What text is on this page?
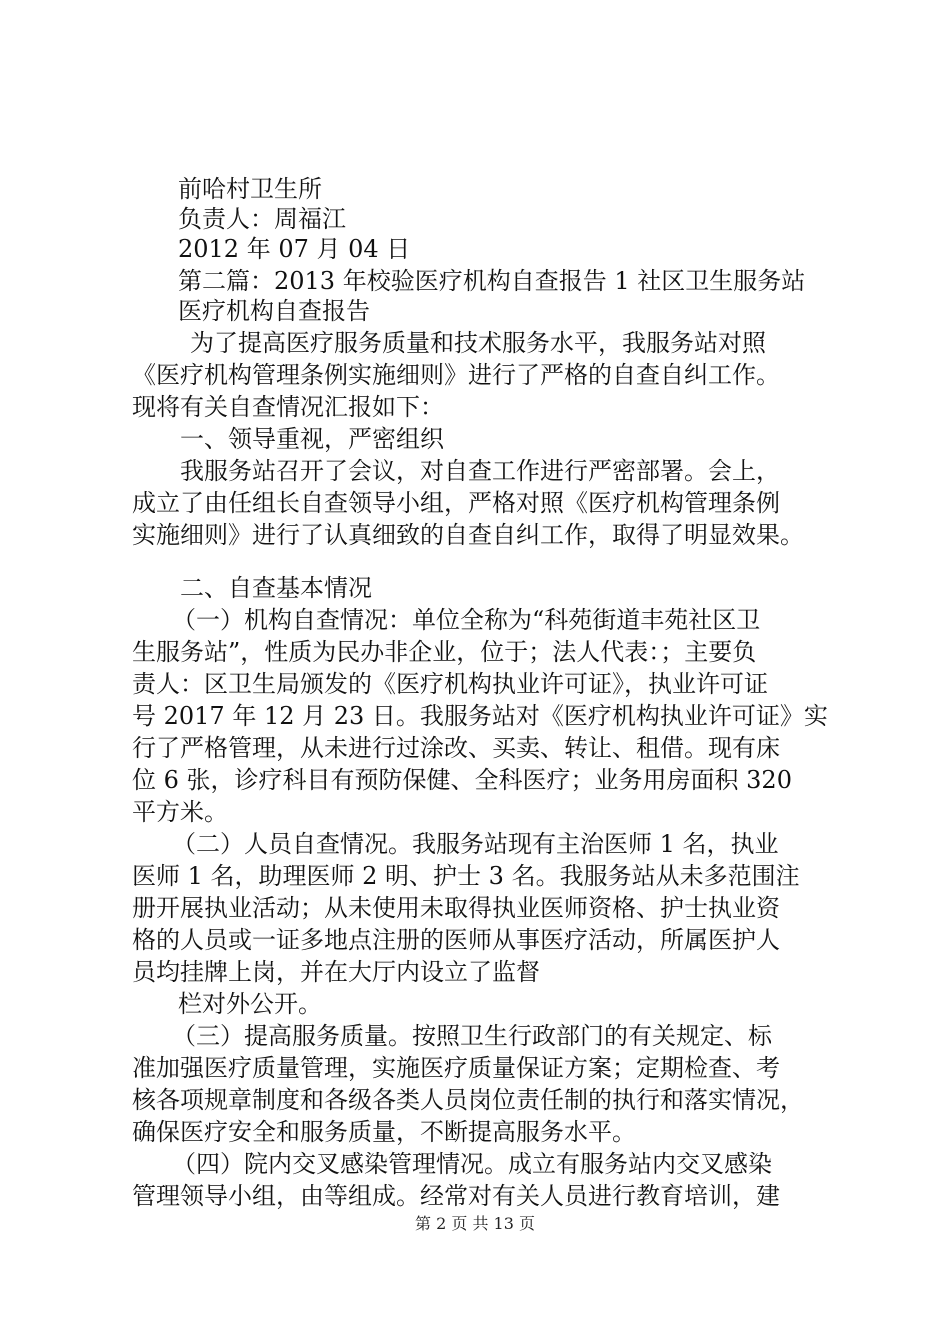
前哈村卫生所
负责人：周福江
2012 年 07 月 04 日
第二篇：2013 年校验医疗机构自查报告 1 社区卫生服务站
医疗机构自查报告
为了提高医疗服务质量和技术服务水平，我服务站对照
《医疗机构管理条例实施细则》进行了严格的自查自纠工作。
现将有关自查情况汇报如下：
一、领导重视，严密组织
我服务站召开了会议，对自查工作进行严密部署。会上，
成立了由任组长自查领导小组，严格对照《医疗机构管理条例
实施细则》进行了认真细致的自查自纠工作，取得了明显效果。
二、自查基本情况
（一）机构自查情况：单位全称为“科苑街道丰苑社区卫
生服务站”，性质为民办非企业，位于；法人代表：；主要负
责人：区卫生局颁发的《医疗机构执业许可证》，执业许可证
号 2017 年 12 月 23 日。我服务站对《医疗机构执业许可证》实
行了严格管理，从未进行过涂改、买卖、转让、租借。现有床
位 6 张，诊疗科目有预防保健、全科医疗；业务用房面积 320
平方米。
（二）人员自查情况。我服务站现有主治医师 1 名，执业
医师 1 名，助理医师 2 明、护士 3 名。我服务站从未多范围注
册开展执业活动；从未使用未取得执业医师资格、护士执业资
格的人员或一证多地点注册的医师从事医疗活动，所属医护人
员均挂牌上岗，并在大厅内设立了监督
栏对外公开。
（三）提高服务质量。按照卫生行政部门的有关规定、标
准加强医疗质量管理，实施医疗质量保证方案；定期检查、考
核各项规章制度和各级各类人员岗位责任制的执行和落实情况，
确保医疗安全和服务质量，不断提高服务水平。
（四）院内交叉感染管理情况。成立有服务站内交叉感染
管理领导小组，由等组成。经常对有关人员进行教育培训，建
第 2 页 共 13 页
